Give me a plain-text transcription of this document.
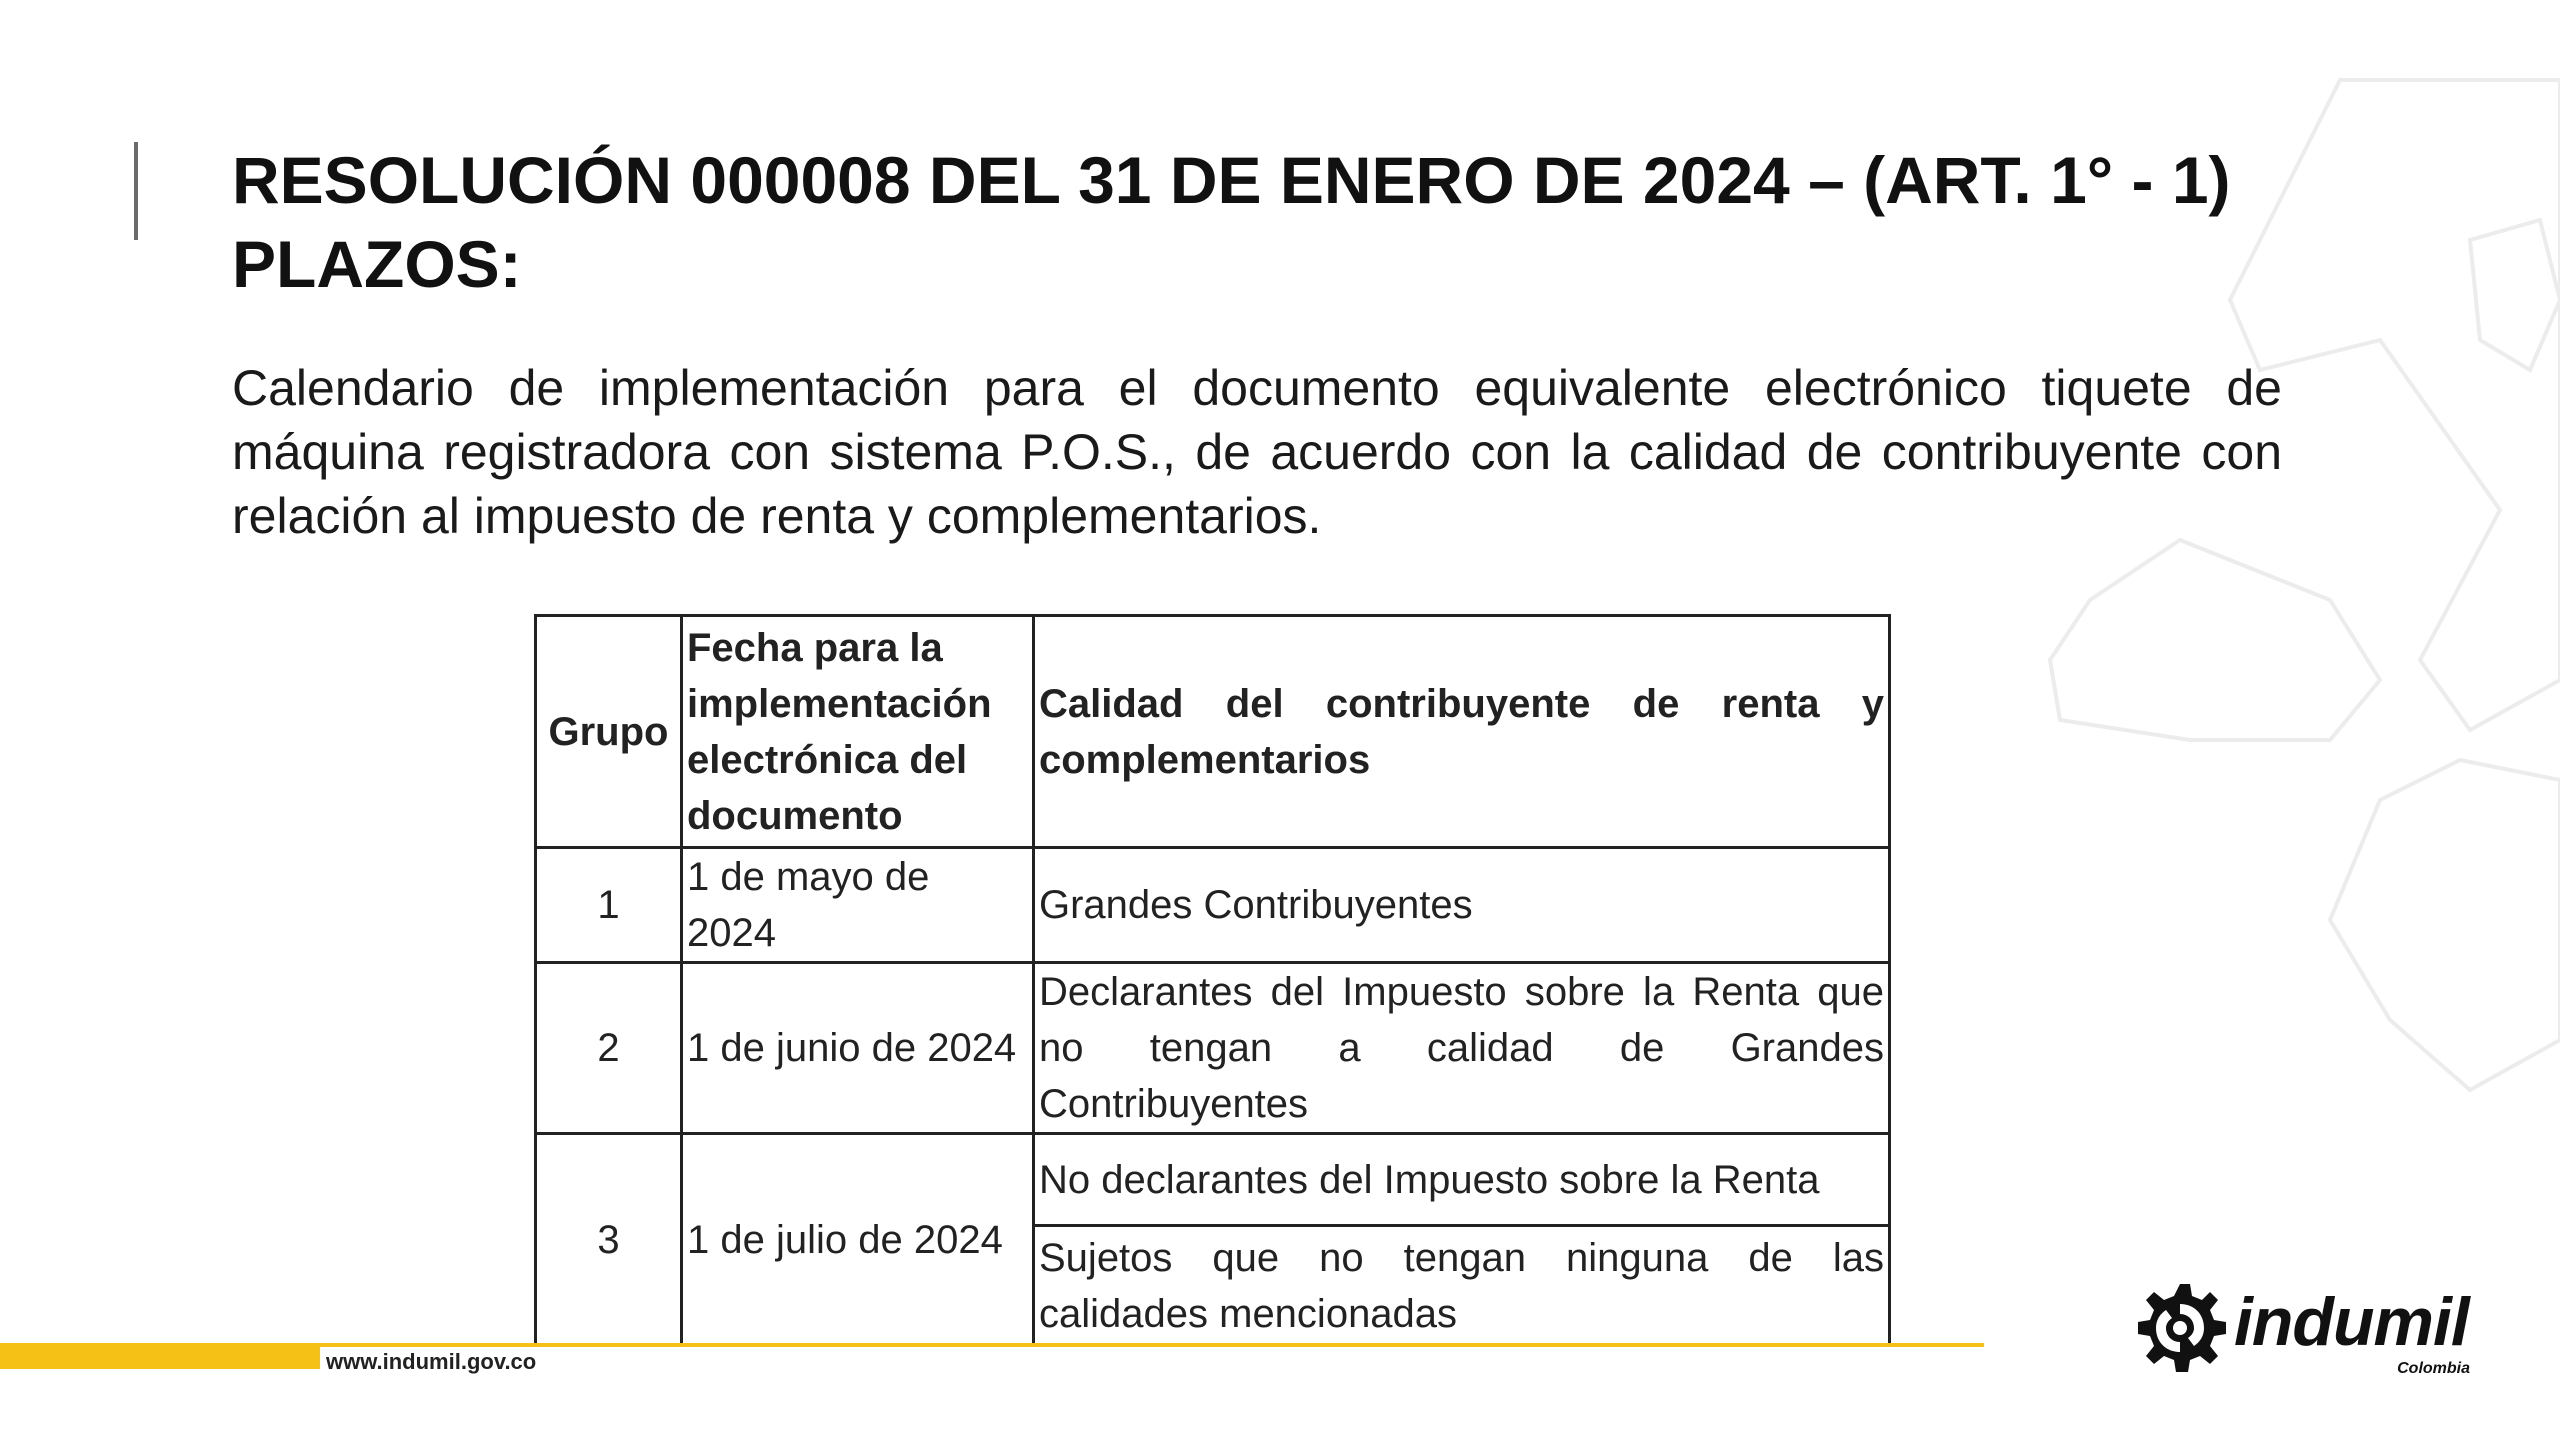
RESOLUCIÓN 000008 DEL 31 DE ENERO DE 2024 – (ART. 1° - 1)
PLAZOS:

Calendario de implementación para el documento equivalente electrónico tiquete de máquina registradora con sistema P.O.S., de acuerdo con la calidad de contribuyente con relación al impuesto de renta y complementarios.

Grupo	Fecha para la implementación electrónica del documento	Calidad del contribuyente de renta y complementarios
1	1 de mayo de 2024	Grandes Contribuyentes
2	1 de junio de 2024	Declarantes del Impuesto sobre la Renta que no tengan a calidad de Grandes Contribuyentes
3	1 de julio de 2024	No declarantes del Impuesto sobre la Renta
		Sujetos que no tengan ninguna de las calidades mencionadas
www.indumil.gov.co
indumil
Colombia
